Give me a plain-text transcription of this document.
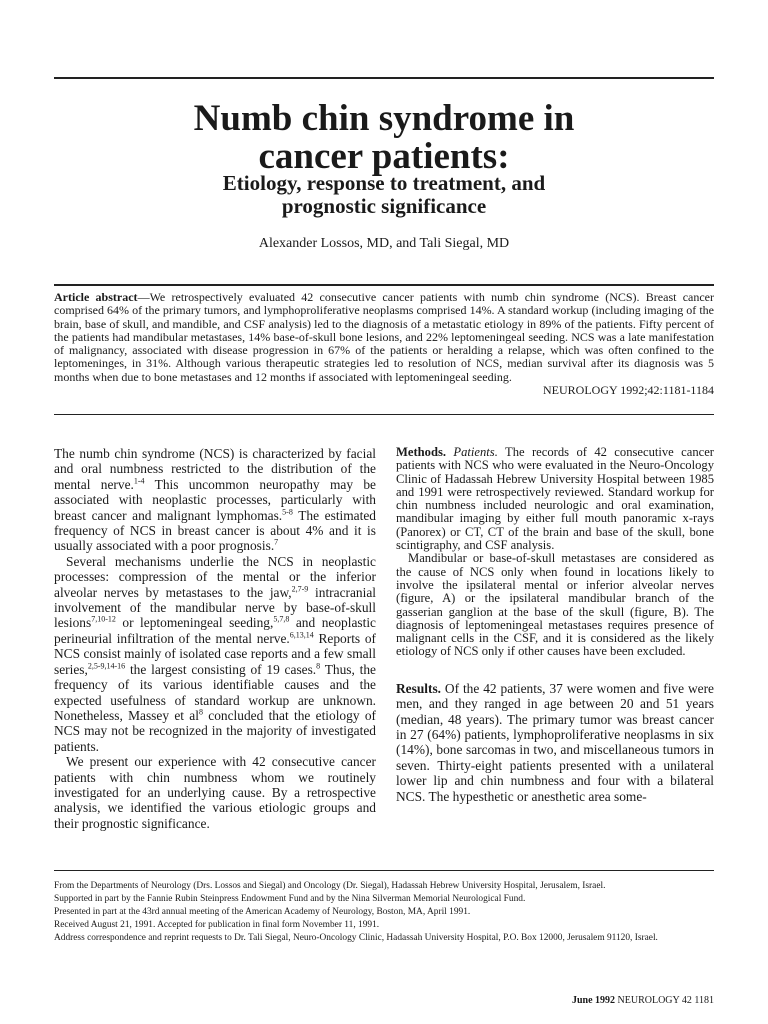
Numb chin syndrome in
cancer patients:
Etiology, response to treatment, and
prognostic significance
Alexander Lossos, MD, and Tali Siegal, MD
Article abstract—We retrospectively evaluated 42 consecutive cancer patients with numb chin syndrome (NCS). Breast cancer comprised 64% of the primary tumors, and lymphoproliferative neoplasms comprised 14%. A standard workup (including imaging of the brain, base of skull, and mandible, and CSF analysis) led to the diagnosis of a metastatic etiology in 89% of the patients. Fifty percent of the patients had mandibular metastases, 14% base-of-skull bone lesions, and 22% leptomeningeal seeding. NCS was a late manifestation of malignancy, associated with disease progression in 67% of the patients or heralding a relapse, which was often confined to the leptomeninges, in 31%. Although various therapeutic strategies led to resolution of NCS, median survival after its diagnosis was 5 months when due to bone metastases and 12 months if associated with leptomeningeal seeding.
NEUROLOGY 1992;42:1181-1184

The numb chin syndrome (NCS) is characterized by facial and oral numbness restricted to the distribution of the mental nerve.$^{1-4}$ This uncommon neuropathy may be associated with neoplastic processes, particularly with breast cancer and malignant lymphomas.$^{5-8}$ The estimated frequency of NCS in breast cancer is about 4% and it is usually associated with a poor prognosis.$^7$

Several mechanisms underlie the NCS in neoplastic processes: compression of the mental or the inferior alveolar nerves by metastases to the jaw,$^{2,7-9}$ intracranial involvement of the mandibular nerve by base-of-skull lesions$^{7,10-12}$ or leptomeningeal seeding,$^{5,7,8}$ and neoplastic perineurial infiltration of the mental nerve.$^{6,13,14}$ Reports of NCS consist mainly of isolated case reports and a few small series,$^{2,5-9,14-16}$ the largest consisting of 19 cases.$^8$ Thus, the frequency of its various identifiable causes and the expected usefulness of standard workup are unknown. Nonetheless, Massey et $al^8$ concluded that the etiology of NCS may not be recognized in the majority of investigated patients.

We present our experience with 42 consecutive cancer patients with chin numbness whom we routinely investigated for an underlying cause. By a retrospective analysis, we identified the various etiologic groups and their prognostic significance.

Methods. Patients. The records of 42 consecutive cancer patients with NCS who were evaluated in the Neuro-Oncology Clinic of Hadassah Hebrew University Hospital between 1985 and 1991 were retrospectively reviewed. Standard workup for chin numbness included neurologic and oral examination, mandibular imaging by either full mouth panoramic x-rays (Panorex) or CT, CT of the brain and base of the skull, bone scintigraphy, and CSF analysis.

Mandibular or base-of-skull metastases are considered as the cause of NCS only when found in locations likely to involve the ipsilateral mental or inferior alveolar nerves (figure, A) or the ipsilateral mandibular branch of the gasserian ganglion at the base of the skull (figure, B). The diagnosis of leptomeningeal metastases requires presence of malignant cells in the CSF, and it is considered as the likely etiology of NCS only if other causes have been excluded.

Results. Of the 42 patients, 37 were women and five were men, and they ranged in age between 20 and 51 years (median, 48 years). The primary tumor was breast cancer in 27 (64%) patients, lymphoproliferative neoplasms in six (14%), bone sarcomas in two, and miscellaneous tumors in seven. Thirty-eight patients presented with a unilateral lower lip and chin numbness and four with a bilateral NCS. The hypesthetic or anesthetic area some-

From the Departments of Neurology (Drs. Lossos and Siegal) and Oncology (Dr. Siegal), Hadassah Hebrew University Hospital, Jerusalem, Israel.

Supported in part by the Fannie Rubin Steinpress Endowment Fund and by the Nina Silverman Memorial Neurological Fund.

Presented in part at the 43rd annual meeting of the American Academy of Neurology, Boston, MA, April 1991.

Received August 21, 1991. Accepted for publication in final form November 11, 1991.

Address correspondence and reprint requests to Dr. Tali Siegal, Neuro-Oncology Clinic, Hadassah University Hospital, P.O. Box 12000, Jerusalem 91120, Israel.

June 1992 NEUROLOGY 42 1181
